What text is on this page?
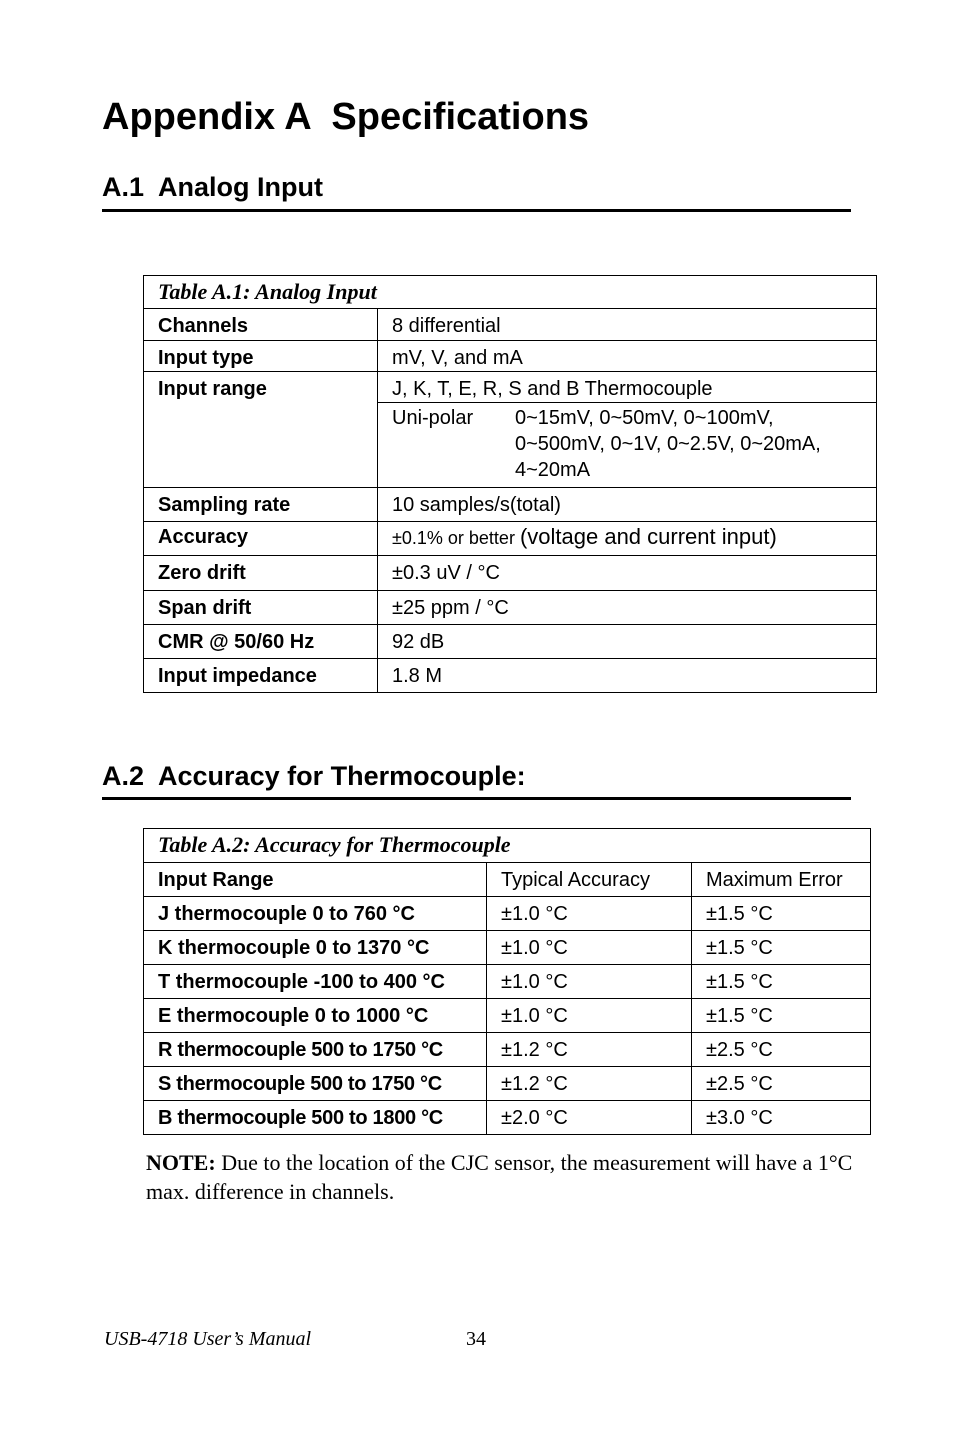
Appendix A  Specifications
A.1  Analog Input
Table A.1: Analog Input	
Channels	8 differential
Input type	mV, V, and mA
Input range	J, K, T, E, R, S and B Thermocouple

	Uni-polar 0~15mV, 0~50mV, 0~100mV,
0~500mV, 0~1V, 0~2.5V, 0~20mA,
4~20mA

Sampling rate	10 samples/s(total)
Accuracy	±0.1% or better (voltage and current input)
Zero drift	±0.3 uV / °C
Span drift	±25 ppm / °C
CMR @ 50/60 Hz	92 dB
Input impedance	1.8 M
A.2  Accuracy for Thermocouple:
Table A.2: Accuracy for Thermocouple		
Input Range	Typical Accuracy	Maximum Error
J thermocouple 0 to 760 °C	±1.0 °C	±1.5 °C
K thermocouple 0 to 1370 °C	±1.0 °C	±1.5 °C
T thermocouple -100 to 400 °C	±1.0 °C	±1.5 °C
E thermocouple 0 to 1000 °C	±1.0 °C	±1.5 °C
R thermocouple 500 to 1750 °C	±1.2 °C	±2.5 °C
S thermocouple 500 to 1750 °C	±1.2 °C	±2.5 °C
B thermocouple 500 to 1800 °C	±2.0 °C	±3.0 °C
NOTE: Due to the location of the CJC sensor, the measurement will have a 1°C max. difference in channels.
USB-4718 User’s Manual	34
